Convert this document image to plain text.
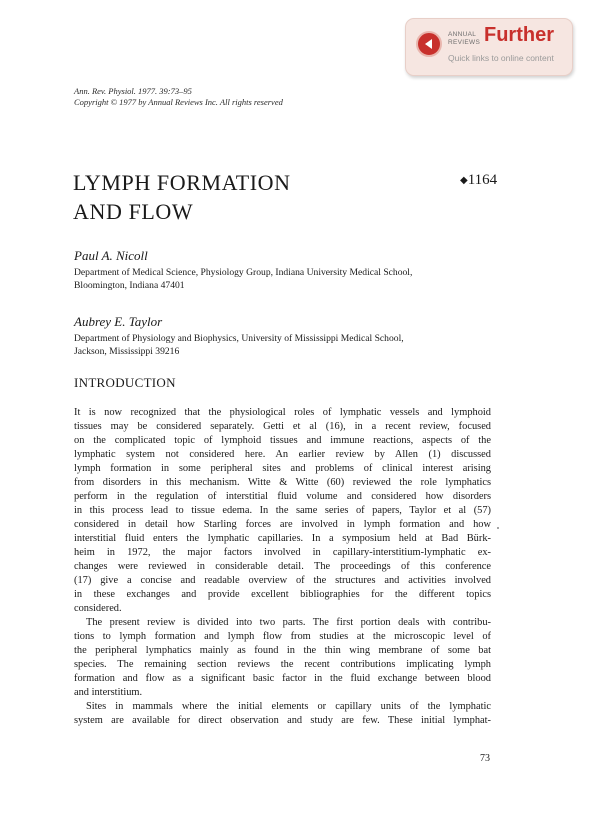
ANNUAL
REVIEWS Further
Quick links to online content
Ann. Rev. Physiol. 1977. 39:73–95
Copyright © 1977 by Annual Reviews Inc. All rights reserved
LYMPH FORMATION
AND FLOW
◆1164
Paul A. Nicoll
Department of Medical Science, Physiology Group, Indiana University Medical School,
Bloomington, Indiana 47401
Aubrey E. Taylor
Department of Physiology and Biophysics, University of Mississippi Medical School,
Jackson, Mississippi 39216
INTRODUCTION
It is now recognized that the physiological roles of lymphatic vessels and lymphoid
tissues may be considered separately. Getti et al (16), in a recent review, focused
on the complicated topic of lymphoid tissues and immune reactions, aspects of the
lymphatic system not considered here. An earlier review by Allen (1) discussed
lymph formation in some peripheral sites and problems of clinical interest arising
from disorders in this mechanism. Witte & Witte (60) reviewed the role lymphatics
perform in the regulation of interstitial fluid volume and considered how disorders
in this process lead to tissue edema. In the same series of papers, Taylor et al (57)
considered in detail how Starling forces are involved in lymph formation and how
interstitial fluid enters the lymphatic capillaries. In a symposium held at Bad Bürk-
heim in 1972, the major factors involved in capillary-interstitium-lymphatic ex-
changes were reviewed in considerable detail. The proceedings of this conference
(17) give a concise and readable overview of the structures and activities involved
in these exchanges and provide excellent bibliographies for the different topics
considered.
The present review is divided into two parts. The first portion deals with contribu-
tions to lymph formation and lymph flow from studies at the microscopic level of
the peripheral lymphatics mainly as found in the thin wing membrane of some bat
species. The remaining section reviews the recent contributions implicating lymph
formation and flow as a significant basic factor in the fluid exchange between blood
and interstitium.
Sites in mammals where the initial elements or capillary units of the lymphatic
system are available for direct observation and study are few. These initial lymphat-
73
